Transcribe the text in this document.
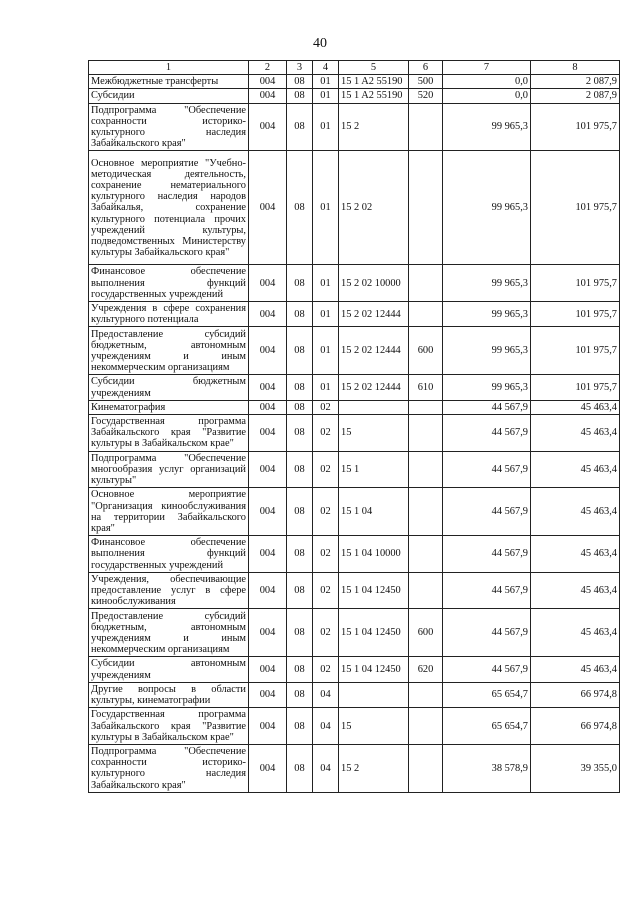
40
1	2	3	4	5	6	7	8
Межбюджетные трансферты	004	08	01	15 1 A2 55190	500	0,0	2 087,9
Субсидии	004	08	01	15 1 A2 55190	520	0,0	2 087,9
Подпрограмма "Обеспечение сохранности историко-культурного наследия Забайкальского края"	004	08	01	15 2		99 965,3	101 975,7
Основное мероприятие "Учебно-методическая деятельность, сохранение нематериального культурного наследия народов Забайкалья, сохранение культурного потенциала прочих учреждений культуры, подведомственных Министерству культуры Забайкальского края"	004	08	01	15 2 02		99 965,3	101 975,7
Финансовое обеспечение выполнения функций государственных учреждений	004	08	01	15 2 02 10000		99 965,3	101 975,7
Учреждения в сфере сохранения культурного потенциала	004	08	01	15 2 02 12444		99 965,3	101 975,7
Предоставление субсидий бюджетным, автономным учреждениям и иным некоммерческим организациям	004	08	01	15 2 02 12444	600	99 965,3	101 975,7
Субсидии бюджетным учреждениям	004	08	01	15 2 02 12444	610	99 965,3	101 975,7
Кинематография	004	08	02			44 567,9	45 463,4
Государственная программа Забайкальского края "Развитие культуры в Забайкальском крае"	004	08	02	15		44 567,9	45 463,4
Подпрограмма "Обеспечение многообразия услуг организаций культуры"	004	08	02	15 1		44 567,9	45 463,4
Основное мероприятие "Организация кинообслуживания на территории Забайкальского края"	004	08	02	15 1 04		44 567,9	45 463,4
Финансовое обеспечение выполнения функций государственных учреждений	004	08	02	15 1 04 10000		44 567,9	45 463,4
Учреждения, обеспечивающие предоставление услуг в сфере кинообслуживания	004	08	02	15 1 04 12450		44 567,9	45 463,4
Предоставление субсидий бюджетным, автономным учреждениям и иным некоммерческим организациям	004	08	02	15 1 04 12450	600	44 567,9	45 463,4
Субсидии автономным учреждениям	004	08	02	15 1 04 12450	620	44 567,9	45 463,4
Другие вопросы в области культуры, кинематографии	004	08	04			65 654,7	66 974,8
Государственная программа Забайкальского края "Развитие культуры в Забайкальском крае"	004	08	04	15		65 654,7	66 974,8
Подпрограмма "Обеспечение сохранности историко-культурного наследия Забайкальского края"	004	08	04	15 2		38 578,9	39 355,0
